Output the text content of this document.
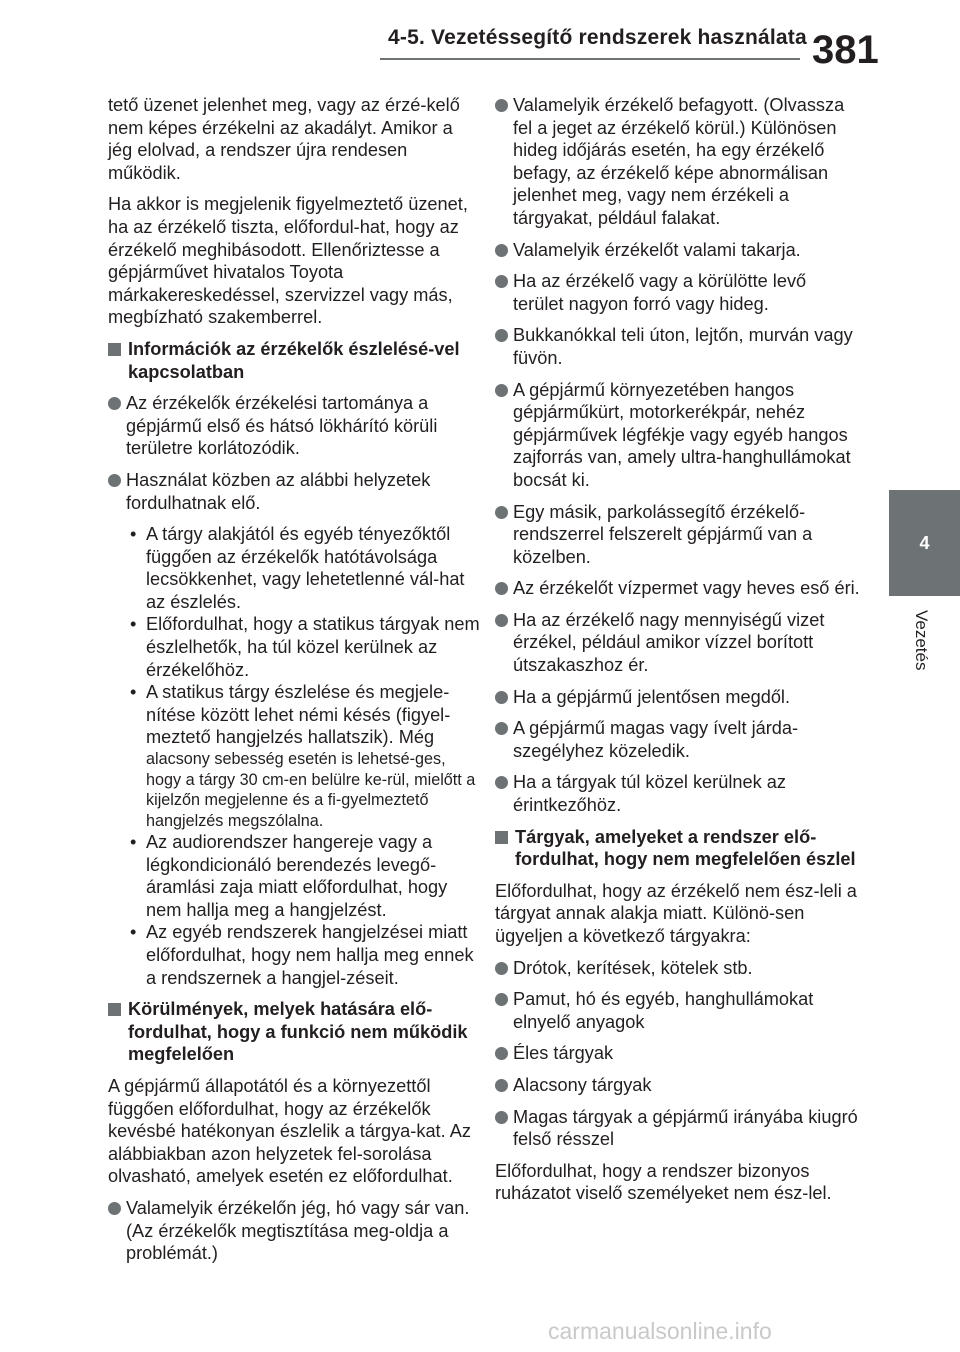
4-5. Vezetéssegítő rendszerek használata 381
4
Vezetés
tető üzenet jelenhet meg, vagy az érzé-kelő nem képes érzékelni az akadályt. Amikor a jég elolvad, a rendszer újra rendesen működik.
Ha akkor is megjelenik figyelmeztető üzenet, ha az érzékelő tiszta, előfordul-hat, hogy az érzékelő meghibásodott. Ellenőriztesse a gépjárművet hivatalos Toyota márkakereskedéssel, szervizzel vagy más, megbízható szakemberrel.
Információk az érzékelők észlelésé-vel kapcsolatban
Az érzékelők érzékelési tartománya a gépjármű első és hátsó lökhárító körüli területre korlátozódik.
Használat közben az alábbi helyzetek fordulhatnak elő.
• A tárgy alakjától és egyéb tényezőktől függően az érzékelők hatótávolsága lecsökkenhet, vagy lehetetlenné vál-hat az észlelés.
• Előfordulhat, hogy a statikus tárgyak nem észlelhetők, ha túl közel kerülnek az érzékelőhöz.
• A statikus tárgy észlelése és megjele-nítése között lehet némi késés (figyel-meztető hangjelzés hallatszik). Még
alacsony sebesség esetén is lehetsé-ges, hogy a tárgy 30 cm-en belülre ke-rül, mielőtt a kijelzőn megjelenne és a fi-gyelmeztető hangjelzés megszólalna.
• Az audiorendszer hangereje vagy a légkondicionáló berendezés levegő-áramlási zaja miatt előfordulhat, hogy nem hallja meg a hangjelzést.
• Az egyéb rendszerek hangjelzései miatt előfordulhat, hogy nem hallja meg ennek a rendszernek a hangjel-zéseit.
Körülmények, melyek hatására elő-fordulhat, hogy a funkció nem működik megfelelően
A gépjármű állapotától és a környezettől függően előfordulhat, hogy az érzékelők kevésbé hatékonyan észlelik a tárgya-kat. Az alábbiakban azon helyzetek fel-sorolása olvasható, amelyek esetén ez előfordulhat.
Valamelyik érzékelőn jég, hó vagy sár van. (Az érzékelők megtisztítása meg-oldja a problémát.)
Valamelyik érzékelő befagyott. (Olvassza fel a jeget az érzékelő körül.) Különösen hideg időjárás esetén, ha egy érzékelő befagy, az érzékelő képe abnormálisan jelenhet meg, vagy nem érzékeli a tárgyakat, például falakat.
Valamelyik érzékelőt valami takarja.
Ha az érzékelő vagy a körülötte levő terület nagyon forró vagy hideg.
Bukkanókkal teli úton, lejtőn, murván vagy füvön.
A gépjármű környezetében hangos gépjárműkürt, motorkerékpár, nehéz gépjárművek légfékje vagy egyéb hangos zajforrás van, amely ultra-hanghullámokat bocsát ki.
Egy másik, parkolássegítő érzékelő-rendszerrel felszerelt gépjármű van a közelben.
Az érzékelőt vízpermet vagy heves eső éri.
Ha az érzékelő nagy mennyiségű vizet érzékel, például amikor vízzel borított útszakaszhoz ér.
Ha a gépjármű jelentősen megdől.
A gépjármű magas vagy ívelt járda-szegélyhez közeledik.
Ha a tárgyak túl közel kerülnek az érintkezőhöz.
Tárgyak, amelyeket a rendszer elő-fordulhat, hogy nem megfelelően észlel
Előfordulhat, hogy az érzékelő nem ész-leli a tárgyat annak alakja miatt. Különö-sen ügyeljen a következő tárgyakra:
Drótok, kerítések, kötelek stb.
Pamut, hó és egyéb, hanghullámokat elnyelő anyagok
Éles tárgyak
Alacsony tárgyak
Magas tárgyak a gépjármű irányába kiugró felső résszel
Előfordulhat, hogy a rendszer bizonyos ruházatot viselő személyeket nem ész-lel.
carmanualsonline.info
